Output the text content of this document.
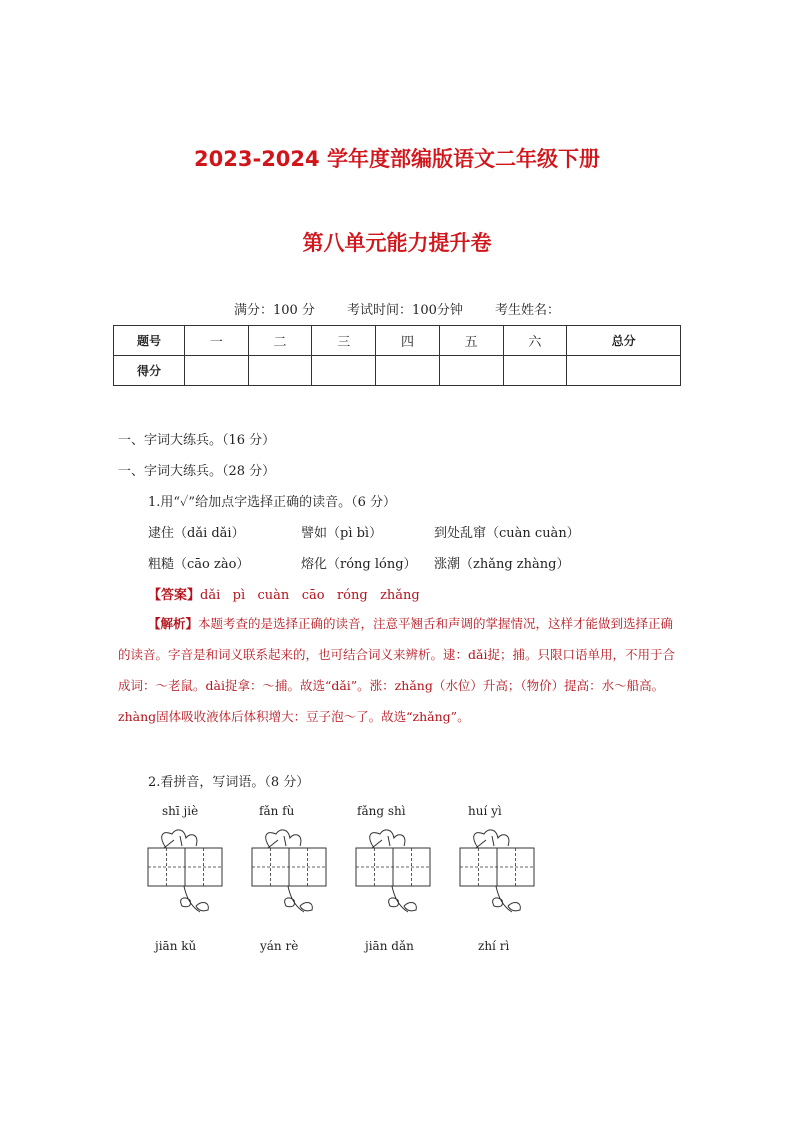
2023-2024 学年度部编版语文二年级下册
第八单元能力提升卷
满分：100 分 考试时间：100分钟 考生姓名：
题号	一	二	三	四	五	六	总分
得分							
一、字词大练兵。（16 分）
一、字词大练兵。（28 分）
1.用“✓”给加点字选择正确的读音。（6 分）
逮住（dǎi dǎi）	譬如（pì bì）	到处乱窜（cuàn cuàn）
粗糙（cāo zào）	熔化（róng lóng） 涨潮（zhǎng zhàng）
【答案】dǎi   pì   cuàn   cāo   róng   zhǎng
【解析】本题考查的是选择正确的读音，注意平翘舌和声调的掌握情况，这样才能做到选择正确的读音。字音是和词义联系起来的，也可结合词义来辨析。逮：dǎi捉；捕。只限口语单用，不用于合成词：～老鼠。dài捉拿：～捕。故选“dǎi”。涨：zhǎng（水位）升高；（物价）提高：水～船高。zhàng固体吸收液体后体积增大：豆子泡～了。故选“zhǎng”。
2.看拼音，写词语。（8 分）
shī jiè	fǎn fù	fǎng shì	huí yì
jiān kǔ	yán rè	jiān dǎn	zhí rì
